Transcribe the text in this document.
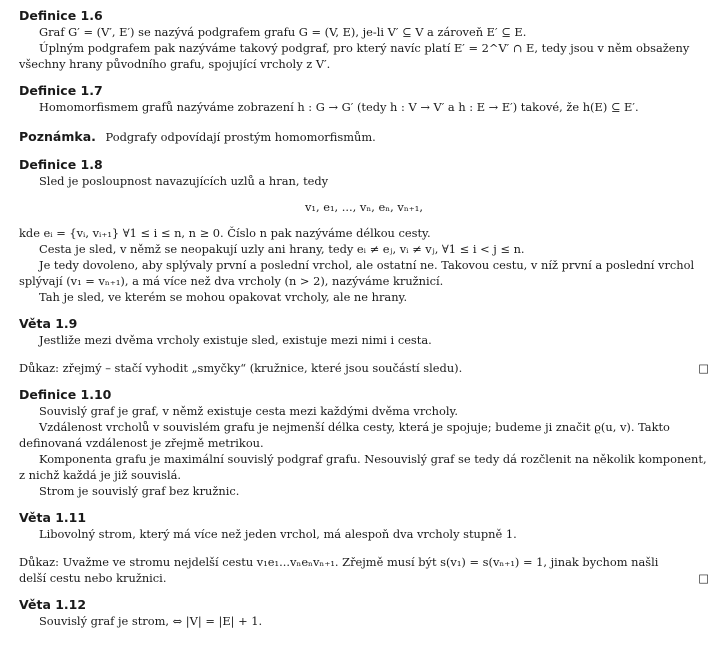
Definice 1.6
Graf G′ = (V′, E′) se nazývá podgrafem grafu G = (V, E), je-li V′ ⊆ V a zároveň E′ ⊆ E.
Úplným podgrafem pak nazýváme takový podgraf, pro který navíc platí E′ = 2^V′ ∩ E, tedy jsou v něm obsaženy
všechny hrany původního grafu, spojující vrcholy z V′.
Definice 1.7
Homomorfismem grafů nazýváme zobrazení h : G → G′ (tedy h : V → V′ a h : E → E′) takové, že h(E) ⊆ E′.
Poznámka. Podgrafy odpovídají prostým homomorfismům.
Definice 1.8
Sled je posloupnost navazujících uzlů a hran, tedy
v₁, e₁, ..., vₙ, eₙ, vₙ₊₁,
kde eᵢ = {vᵢ, vᵢ₊₁} ∀1 ≤ i ≤ n, n ≥ 0. Číslo n pak nazýváme délkou cesty.
Cesta je sled, v němž se neopakují uzly ani hrany, tedy eᵢ ≠ eⱼ, vᵢ ≠ vⱼ, ∀1 ≤ i < j ≤ n.
Je tedy dovoleno, aby splývaly první a poslední vrchol, ale ostatní ne. Takovou cestu, v níž první a poslední vrchol
splývají (v₁ = vₙ₊₁), a má více než dva vrcholy (n > 2), nazýváme kružnicí.
Tah je sled, ve kterém se mohou opakovat vrcholy, ale ne hrany.
Věta 1.9
Jestliže mezi dvěma vrcholy existuje sled, existuje mezi nimi i cesta.
Důkaz: zřejmý – stačí vyhodit „smyčky“ (kružnice, které jsou součástí sledu).	□
Definice 1.10
Souvislý graf je graf, v němž existuje cesta mezi každými dvěma vrcholy.
Vzdálenost vrcholů v souvislém grafu je nejmenší délka cesty, která je spojuje; budeme ji značit ϱ(u, v). Takto
definovaná vzdálenost je zřejmě metrikou.
Komponenta grafu je maximální souvislý podgraf grafu. Nesouvislý graf se tedy dá rozčlenit na několik komponent,
z nichž každá je již souvislá.
Strom je souvislý graf bez kružnic.
Věta 1.11
Libovolný strom, který má více než jeden vrchol, má alespoň dva vrcholy stupně 1.
Důkaz: Uvažme ve stromu nejdelší cestu v₁e₁...vₙeₙvₙ₊₁. Zřejmě musí být s(v₁) = s(vₙ₊₁) = 1, jinak bychom našli
delší cestu nebo kružnici.	□
Věta 1.12
Souvislý graf je strom, ⇔ |V| = |E| + 1.
